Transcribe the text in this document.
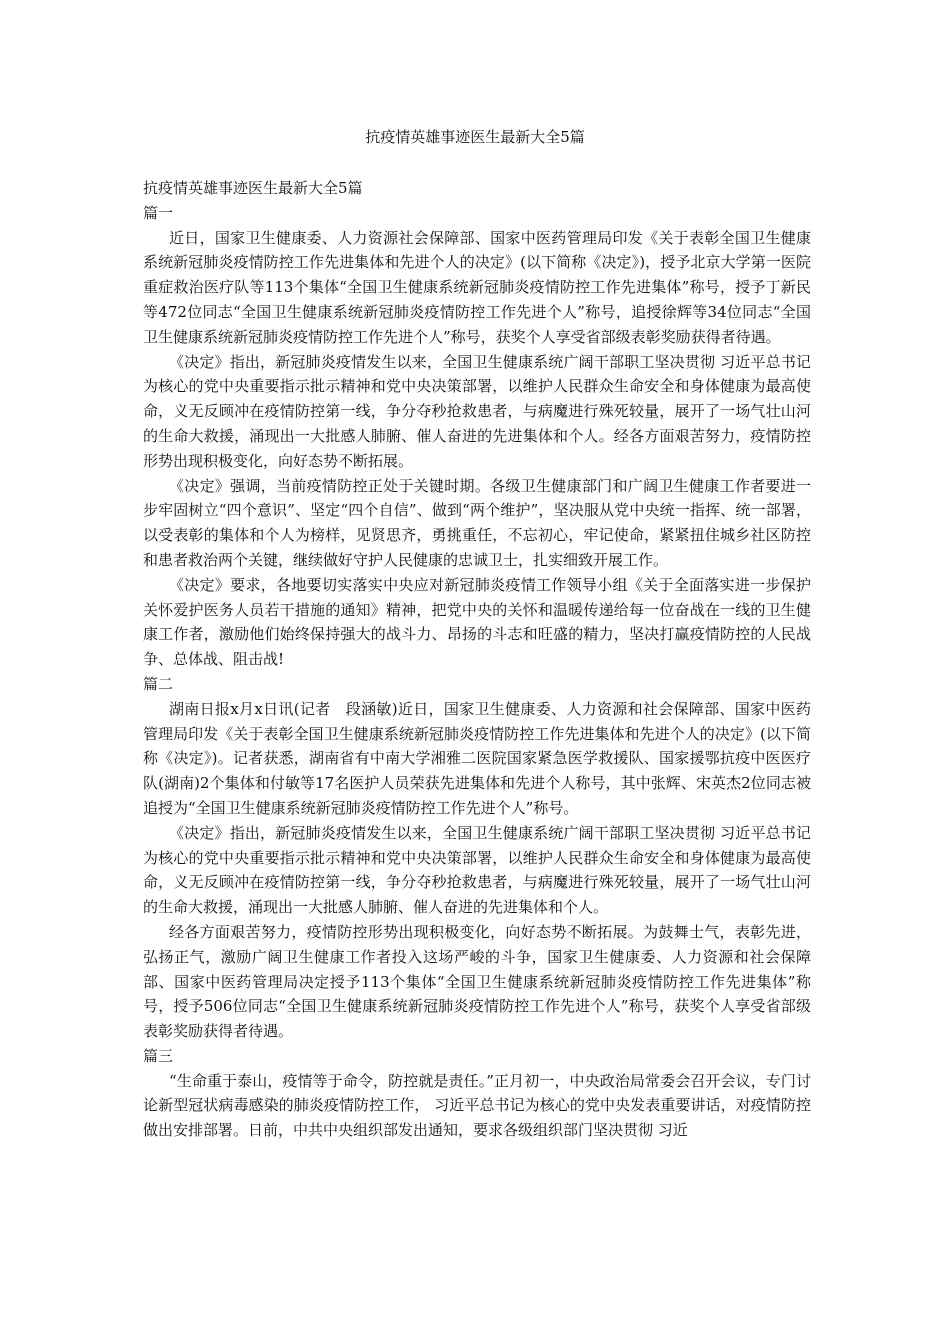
抗疫情英雄事迹医生最新大全5篇
抗疫情英雄事迹医生最新大全5篇

篇一

近日，国家卫生健康委、人力资源社会保障部、国家中医药管理局印发《关于表彰全国卫生健康系统新冠肺炎疫情防控工作先进集体和先进个人的决定》(以下简称《决定》)，授予北京大学第一医院重症救治医疗队等113个集体“全国卫生健康系统新冠肺炎疫情防控工作先进集体”称号，授予丁新民等472位同志“全国卫生健康系统新冠肺炎疫情防控工作先进个人”称号，追授徐辉等34位同志“全国卫生健康系统新冠肺炎疫情防控工作先进个人”称号，获奖个人享受省部级表彰奖励获得者待遇。

《决定》指出，新冠肺炎疫情发生以来，全国卫生健康系统广阔干部职工坚决贯彻 习近平总书记为核心的党中央重要指示批示精神和党中央决策部署，以维护人民群众生命安全和身体健康为最高使命，义无反顾冲在疫情防控第一线，争分夺秒抢救患者，与病魔进行殊死较量，展开了一场气壮山河的生命大救援，涌现出一大批感人肺腑、催人奋进的先进集体和个人。经各方面艰苦努力，疫情防控形势出现积极变化，向好态势不断拓展。

《决定》强调，当前疫情防控正处于关键时期。各级卫生健康部门和广阔卫生健康工作者要进一步牢固树立“四个意识”、坚定“四个自信”、做到“两个维护”，坚决服从党中央统一指挥、统一部署，以受表彰的集体和个人为榜样，见贤思齐，勇挑重任，不忘初心，牢记使命，紧紧扭住城乡社区防控和患者救治两个关键，继续做好守护人民健康的忠诚卫士，扎实细致开展工作。

《决定》要求，各地要切实落实中央应对新冠肺炎疫情工作领导小组《关于全面落实进一步保护关怀爱护医务人员若干措施的通知》精神，把党中央的关怀和温暖传递给每一位奋战在一线的卫生健康工作者，激励他们始终保持强大的战斗力、昂扬的斗志和旺盛的精力，坚决打赢疫情防控的人民战争、总体战、阻击战!

篇二

湖南日报x月x日讯(记者　段涵敏)近日，国家卫生健康委、人力资源和社会保障部、国家中医药管理局印发《关于表彰全国卫生健康系统新冠肺炎疫情防控工作先进集体和先进个人的决定》(以下简称《决定》)。记者获悉，湖南省有中南大学湘雅二医院国家紧急医学救援队、国家援鄂抗疫中医医疗队(湖南)2个集体和付敏等17名医护人员荣获先进集体和先进个人称号，其中张辉、宋英杰2位同志被追授为“全国卫生健康系统新冠肺炎疫情防控工作先进个人”称号。

《决定》指出，新冠肺炎疫情发生以来，全国卫生健康系统广阔干部职工坚决贯彻 习近平总书记为核心的党中央重要指示批示精神和党中央决策部署，以维护人民群众生命安全和身体健康为最高使命，义无反顾冲在疫情防控第一线，争分夺秒抢救患者，与病魔进行殊死较量，展开了一场气壮山河的生命大救援，涌现出一大批感人肺腑、催人奋进的先进集体和个人。

经各方面艰苦努力，疫情防控形势出现积极变化，向好态势不断拓展。为鼓舞士气，表彰先进，弘扬正气，激励广阔卫生健康工作者投入这场严峻的斗争，国家卫生健康委、人力资源和社会保障部、国家中医药管理局决定授予113个集体“全国卫生健康系统新冠肺炎疫情防控工作先进集体”称号，授予506位同志“全国卫生健康系统新冠肺炎疫情防控工作先进个人”称号，获奖个人享受省部级表彰奖励获得者待遇。

篇三

“生命重于泰山，疫情等于命令，防控就是责任。”正月初一，中央政治局常委会召开会议，专门讨论新型冠状病毒感染的肺炎疫情防控工作， 习近平总书记为核心的党中央发表重要讲话，对疫情防控做出安排部署。日前，中共中央组织部发出通知，要求各级组织部门坚决贯彻 习近
